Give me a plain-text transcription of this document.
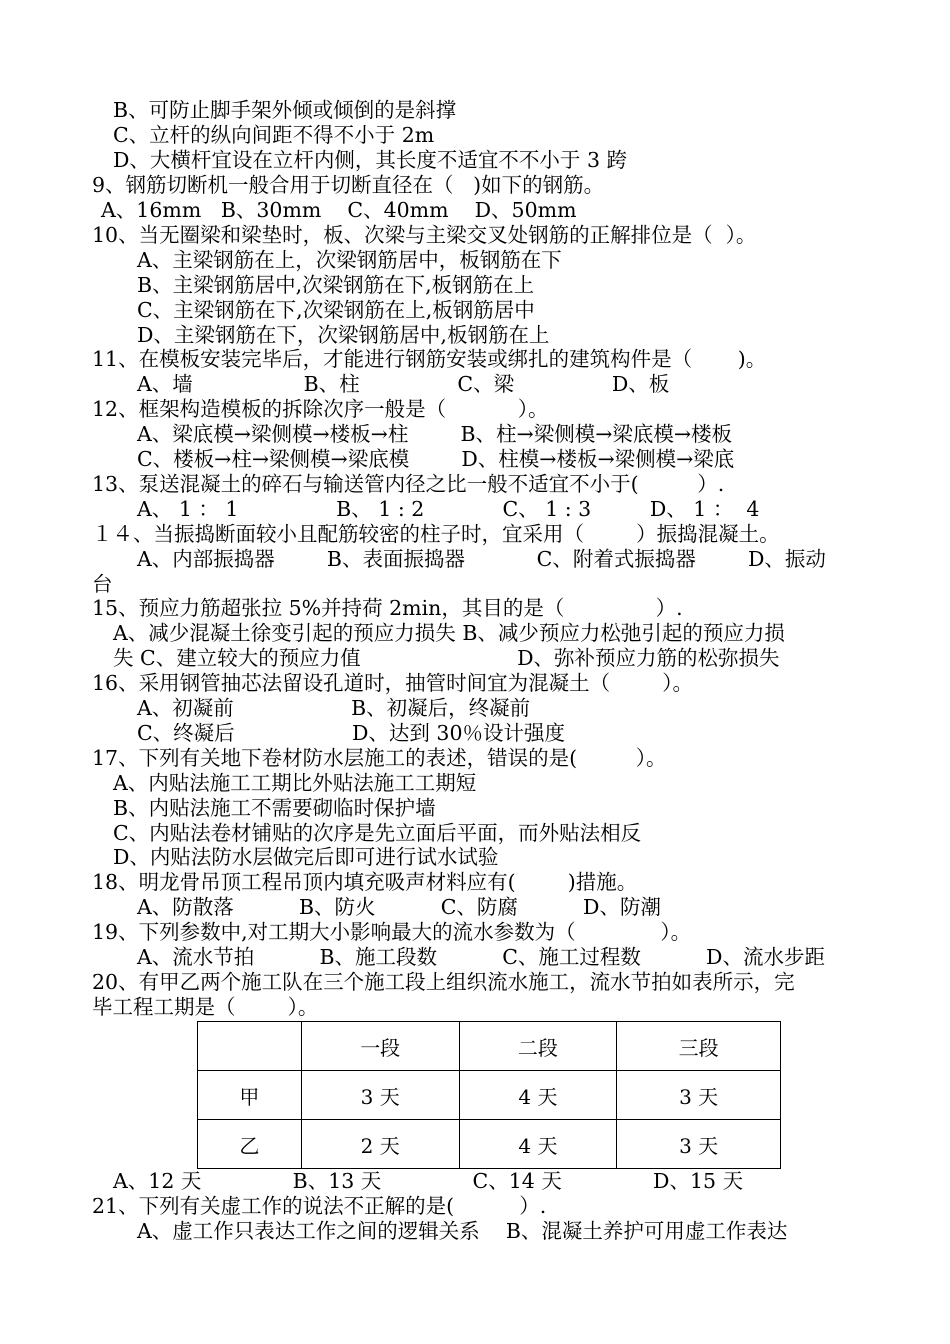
B、可防止脚手架外倾或倾倒的是斜撑
C、立杆的纵向间距不得不小于 2m
D、大横杆宜设在立杆内侧，其长度不适宜不不小于 3 跨
9、钢筋切断机一般合用于切断直径在（   )如下的钢筋。
A、16mm   B、30mm    C、40mm    D、50mm
10、当无圈梁和梁垫时，板、次梁与主梁交叉处钢筋的正解排位是（  ）。
A、主梁钢筋在上，次梁钢筋居中，板钢筋在下
B、主梁钢筋居中,次梁钢筋在下,板钢筋在上
C、主梁钢筋在下,次梁钢筋在上,板钢筋居中
D、主梁钢筋在下，次梁钢筋居中,板钢筋在上
11、在模板安装完毕后，才能进行钢筋安装或绑扎的建筑构件是（       )。
A、墙                 B、柱               C、梁               D、板
12、框架构造模板的拆除次序一般是（           ）。
A、梁底模→梁侧模→楼板→柱        B、柱→梁侧模→梁底模→楼板
C、楼板→柱→梁侧模→梁底模        D、柱模→楼板→梁侧模→梁底
13、泵送混凝土的碎石与输送管内径之比一般不适宜不小于(         ）.
A、 1 ： 1               B、 1 : 2            C、 1 : 3         D、 1 ：  4
１４、当振捣断面较小且配筋较密的柱子时，宜采用（        ）振捣混凝土。
A、内部振捣器        B、表面振捣器           C、附着式振捣器        D、振动
台
15、预应力筋超张拉 5%并持荷 2min，其目的是（              ）.
A、减少混凝土徐变引起的预应力损失 B、减少预应力松弛引起的预应力损
失 C、建立较大的预应力值                        D、弥补预应力筋的松弥损失
16、采用钢管抽芯法留设孔道时，抽管时间宜为混凝土（        ）。
A、初凝前                  B、初凝后，终凝前
C、终凝后                  D、达到 30％设计强度
17、下列有关地下卷材防水层施工的表述，错误的是(         ）。
A、内贴法施工工期比外贴法施工工期短
B、内贴法施工不需要砌临时保护墙
C、内贴法卷材铺贴的次序是先立面后平面，而外贴法相反
D、内贴法防水层做完后即可进行试水试验
18、明龙骨吊顶工程吊顶内填充吸声材料应有(        )措施。
A、防散落          B、防火          C、防腐          D、防潮
19、下列参数中,对工期大小影响最大的流水参数为（             ）。
A、流水节拍          B、施工段数          C、施工过程数          D、流水步距
20、有甲乙两个施工队在三个施工段上组织流水施工，流水节拍如表所示，完
毕工程工期是（        ）。
	一段	二段	三段
甲	3 天	4 天	3 天
乙	2 天	4 天	3 天
A、12 天              B、13 天              C、14 天              D、15 天
21、下列有关虚工作的说法不正解的是(          ）.
A、虚工作只表达工作之间的逻辑关系    B、混凝土养护可用虚工作表达
